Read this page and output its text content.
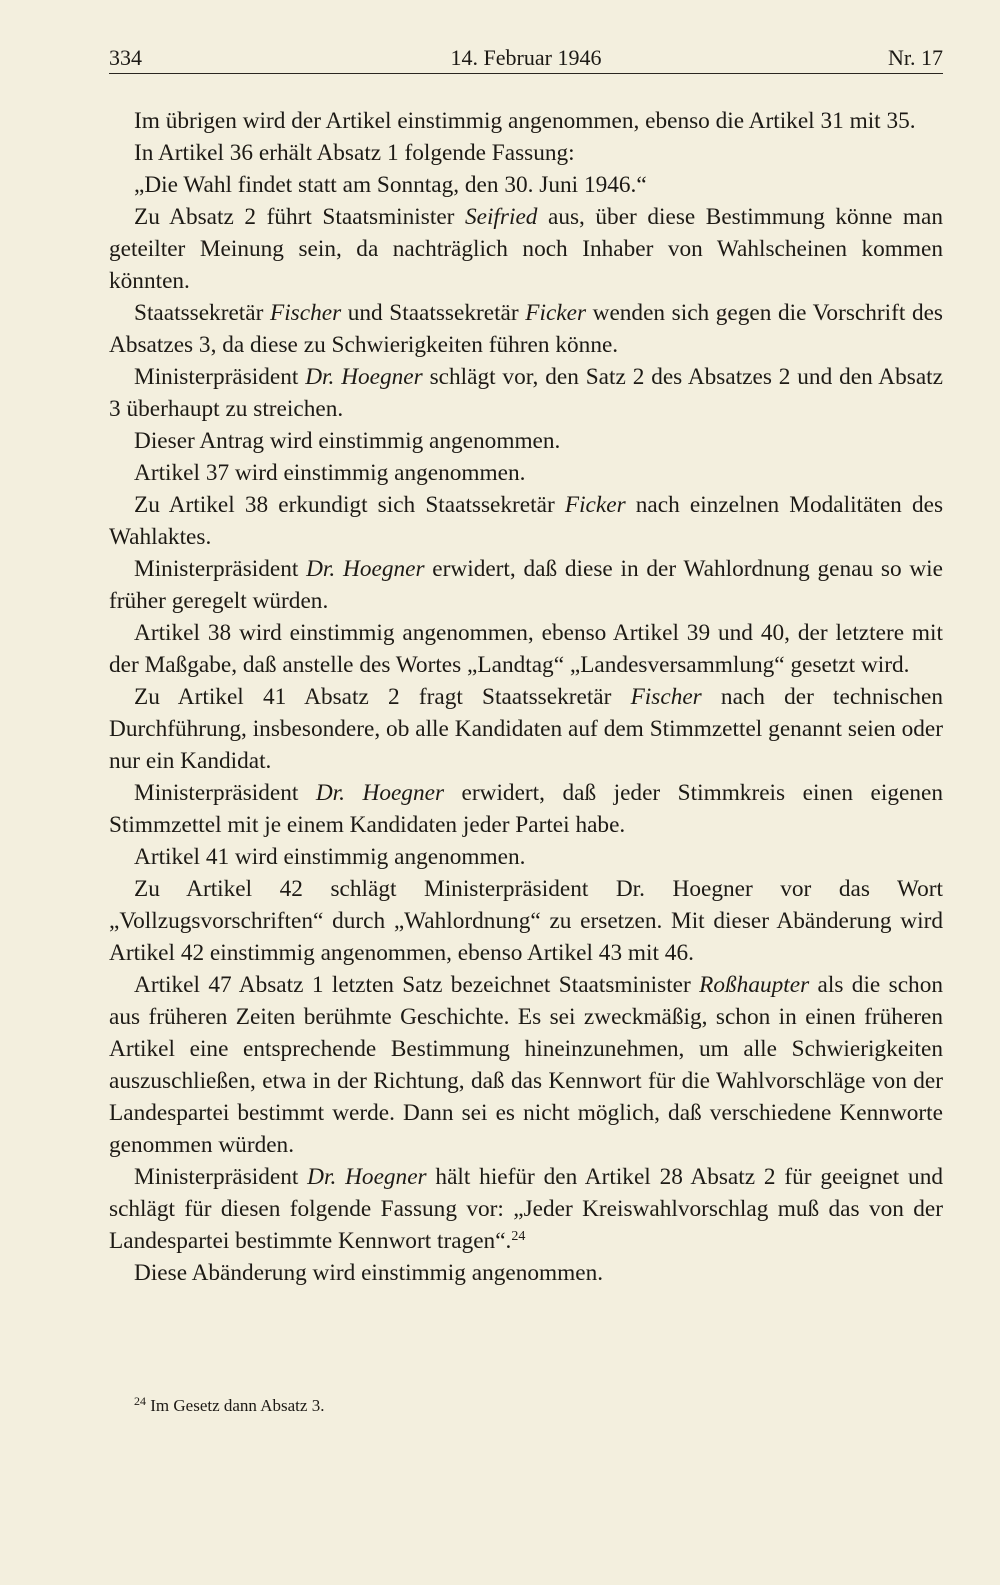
334	14. Februar 1946	Nr. 17

Im übrigen wird der Artikel einstimmig angenommen, ebenso die Artikel 31 mit 35.

In Artikel 36 erhält Absatz 1 folgende Fassung:

„Die Wahl findet statt am Sonntag, den 30. Juni 1946.“

Zu Absatz 2 führt Staatsminister Seifried aus, über diese Bestimmung könne man geteilter Meinung sein, da nachträglich noch Inhaber von Wahlscheinen kommen könnten.

Staatssekretär Fischer und Staatssekretär Ficker wenden sich gegen die Vorschrift des Absatzes 3, da diese zu Schwierigkeiten führen könne.

Ministerpräsident Dr. Hoegner schlägt vor, den Satz 2 des Absatzes 2 und den Absatz 3 überhaupt zu streichen.

Dieser Antrag wird einstimmig angenommen.

Artikel 37 wird einstimmig angenommen.

Zu Artikel 38 erkundigt sich Staatssekretär Ficker nach einzelnen Modalitäten des Wahlaktes.

Ministerpräsident Dr. Hoegner erwidert, daß diese in der Wahlordnung genau so wie früher geregelt würden.

Artikel 38 wird einstimmig angenommen, ebenso Artikel 39 und 40, der letztere mit der Maßgabe, daß anstelle des Wortes „Landtag“ „Landesversammlung“ gesetzt wird.

Zu Artikel 41 Absatz 2 fragt Staatssekretär Fischer nach der technischen Durchführung, insbesondere, ob alle Kandidaten auf dem Stimmzettel genannt seien oder nur ein Kandidat.

Ministerpräsident Dr. Hoegner erwidert, daß jeder Stimmkreis einen eigenen Stimmzettel mit je einem Kandidaten jeder Partei habe.

Artikel 41 wird einstimmig angenommen.

Zu Artikel 42 schlägt Ministerpräsident Dr. Hoegner vor das Wort „Vollzugsvorschriften“ durch „Wahlordnung“ zu ersetzen. Mit dieser Abänderung wird Artikel 42 einstimmig angenommen, ebenso Artikel 43 mit 46.

Artikel 47 Absatz 1 letzten Satz bezeichnet Staatsminister Roßhaupter als die schon aus früheren Zeiten berühmte Geschichte. Es sei zweckmäßig, schon in einen früheren Artikel eine entsprechende Bestimmung hineinzunehmen, um alle Schwierigkeiten auszuschließen, etwa in der Richtung, daß das Kennwort für die Wahlvorschläge von der Landespartei bestimmt werde. Dann sei es nicht möglich, daß verschiedene Kennworte genommen würden.

Ministerpräsident Dr. Hoegner hält hiefür den Artikel 28 Absatz 2 für geeignet und schlägt für diesen folgende Fassung vor: „Jeder Kreiswahlvorschlag muß das von der Landespartei bestimmte Kennwort tragen“.$^{24}$

Diese Abänderung wird einstimmig angenommen.

$^{24}$ Im Gesetz dann Absatz 3.
